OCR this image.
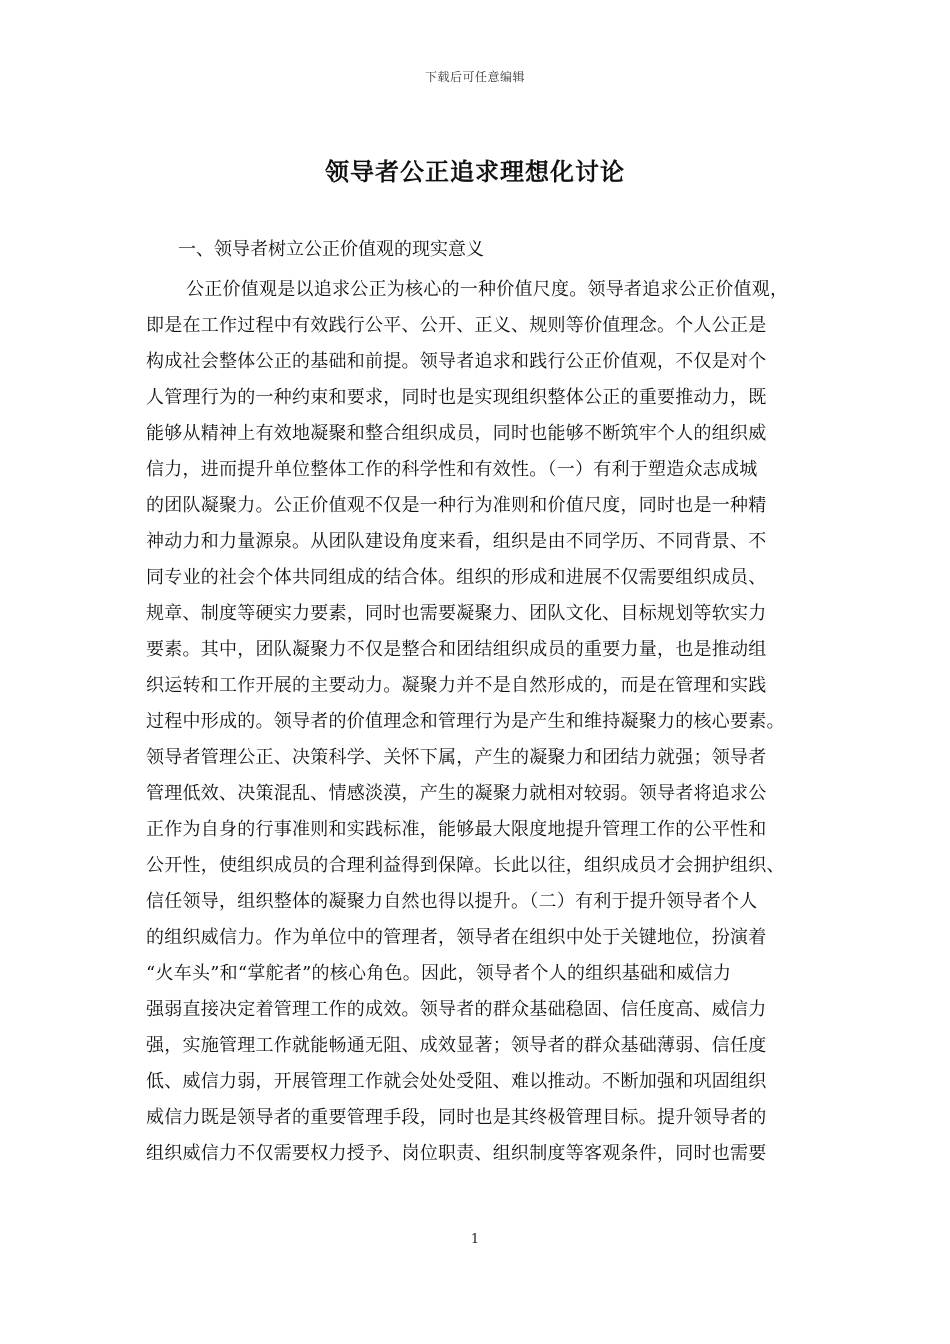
下载后可任意编辑
领导者公正追求理想化讨论
一、领导者树立公正价值观的现实意义
公正价值观是以追求公正为核心的一种价值尺度。领导者追求公正价值观，
即是在工作过程中有效践行公平、公开、正义、规则等价值理念。个人公正是
构成社会整体公正的基础和前提。领导者追求和践行公正价值观，不仅是对个
人管理行为的一种约束和要求，同时也是实现组织整体公正的重要推动力，既
能够从精神上有效地凝聚和整合组织成员，同时也能够不断筑牢个人的组织威
信力，进而提升单位整体工作的科学性和有效性。（一）有利于塑造众志成城
的团队凝聚力。公正价值观不仅是一种行为准则和价值尺度，同时也是一种精
神动力和力量源泉。从团队建设角度来看，组织是由不同学历、不同背景、不
同专业的社会个体共同组成的结合体。组织的形成和进展不仅需要组织成员、
规章、制度等硬实力要素，同时也需要凝聚力、团队文化、目标规划等软实力
要素。其中，团队凝聚力不仅是整合和团结组织成员的重要力量，也是推动组
织运转和工作开展的主要动力。凝聚力并不是自然形成的，而是在管理和实践
过程中形成的。领导者的价值理念和管理行为是产生和维持凝聚力的核心要素。
领导者管理公正、决策科学、关怀下属，产生的凝聚力和团结力就强；领导者
管理低效、决策混乱、情感淡漠，产生的凝聚力就相对较弱。领导者将追求公
正作为自身的行事准则和实践标准，能够最大限度地提升管理工作的公平性和
公开性，使组织成员的合理利益得到保障。长此以往，组织成员才会拥护组织、
信任领导，组织整体的凝聚力自然也得以提升。（二）有利于提升领导者个人
的组织威信力。作为单位中的管理者，领导者在组织中处于关键地位，扮演着
“火车头”和“掌舵者”的核心角色。因此，领导者个人的组织基础和威信力
强弱直接决定着管理工作的成效。领导者的群众基础稳固、信任度高、威信力
强，实施管理工作就能畅通无阻、成效显著；领导者的群众基础薄弱、信任度
低、威信力弱，开展管理工作就会处处受阻、难以推动。不断加强和巩固组织
威信力既是领导者的重要管理手段，同时也是其终极管理目标。提升领导者的
组织威信力不仅需要权力授予、岗位职责、组织制度等客观条件，同时也需要
1
